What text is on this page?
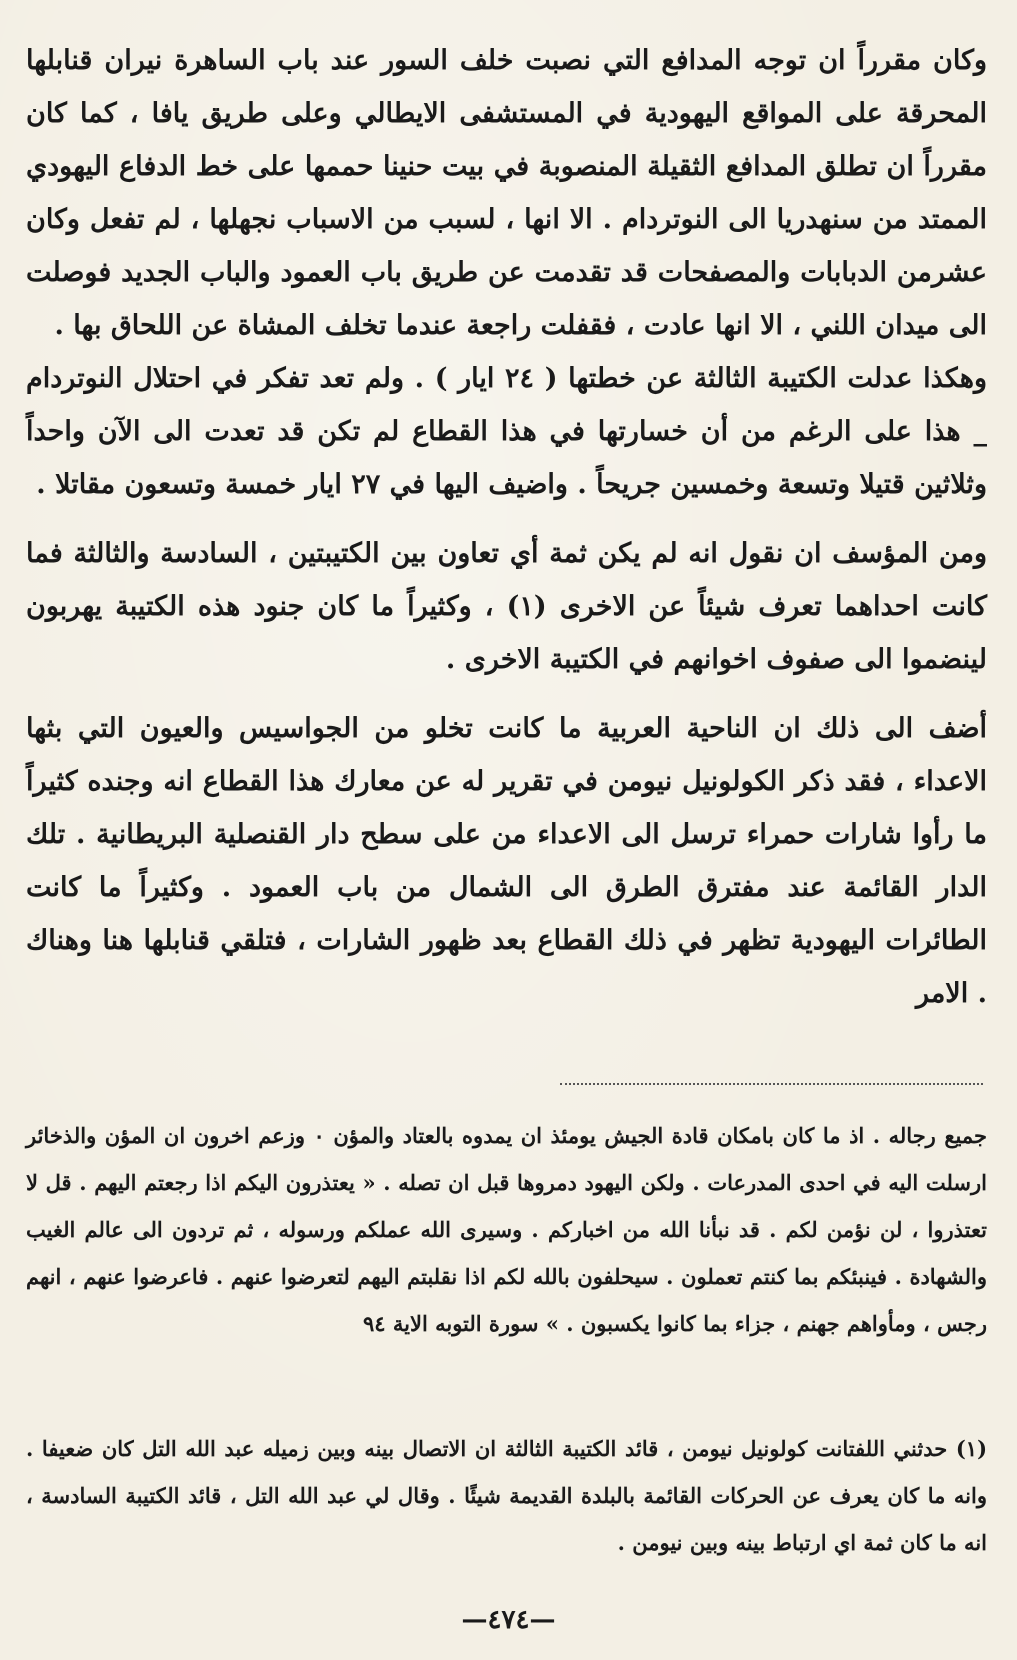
وكان مقرراً ان توجه المدافع التي نصبت خلف السور عند باب الساهرة نيران قنابلها المحرقة على المواقع اليهودية في المستشفى الايطالي وعلى طريق يافا ، كما كان مقرراً ان تطلق المدافع الثقيلة المنصوبة في بيت حنينا حممها على خط الدفاع اليهودي الممتد من سنهدريا الى النوتردام . الا انها ، لسبب من الاسباب نجهلها ، لم تفعل وكان عشرمن الدبابات والمصفحات قد تقدمت عن طريق باب العمود والباب الجديد فوصلت الى ميدان اللني ، الا انها عادت ، فقفلت راجعة عندما تخلف المشاة عن اللحاق بها .

وهكذا عدلت الكتيبة الثالثة عن خطتها ( ٢٤ ايار ) . ولم تعد تفكر في احتلال النوتردام _ هذا على الرغم من أن خسارتها في هذا القطاع لم تكن قد تعدت الى الآن واحداً وثلاثين قتيلا وتسعة وخمسين جريحاً . واضيف اليها في ٢٧ ايار خمسة وتسعون مقاتلا .

ومن المؤسف ان نقول انه لم يكن ثمة أي تعاون بين الكتيبتين ، السادسة والثالثة فما كانت احداهما تعرف شيئاً عن الاخرى (١) ، وكثيراً ما كان جنود هذه الكتيبة يهربون لينضموا الى صفوف اخوانهم في الكتيبة الاخرى .

أضف الى ذلك ان الناحية العربية ما كانت تخلو من الجواسيس والعيون التي بثها الاعداء ، فقد ذكر الكولونيل نيومن في تقرير له عن معارك هذا القطاع انه وجنده كثيراً ما رأوا شارات حمراء ترسل الى الاعداء من على سطح دار القنصلية البريطانية . تلك الدار القائمة عند مفترق الطرق الى الشمال من باب العمود . وكثيراً ما كانت الطائرات اليهودية تظهر في ذلك القطاع بعد ظهور الشارات ، فتلقي قنابلها هنا وهناك . الامر

جميع رجاله . اذ ما كان بامكان قادة الجيش يومئذ ان يمدوه بالعتاد والمؤن ٠ وزعم اخرون ان المؤن والذخائر ارسلت اليه في احدى المدرعات . ولكن اليهود دمروها قبل ان تصله . « يعتذرون اليكم اذا رجعتم اليهم . قل لا تعتذروا ، لن نؤمن لكم . قد نبأنا الله من اخباركم . وسيرى الله عملكم ورسوله ، ثم تردون الى عالم الغيب والشهادة . فينبئكم بما كنتم تعملون . سيحلفون بالله لكم اذا نقلبتم اليهم لتعرضوا عنهم . فاعرضوا عنهم ، انهم رجس ، ومأواهم جهنم ، جزاء بما كانوا يكسبون . » سورة التوبه الاية ٩٤

(١) حدثني اللفتانت كولونيل نيومن ، قائد الكتيبة الثالثة ان الاتصال بينه وبين زميله عبد الله التل كان ضعيفا . وانه ما كان يعرف عن الحركات القائمة بالبلدة القديمة شيئًا . وقال لي عبد الله التل ، قائد الكتيبة السادسة ، انه ما كان ثمة اي ارتباط بينه وبين نيومن .

—٤٧٤—
